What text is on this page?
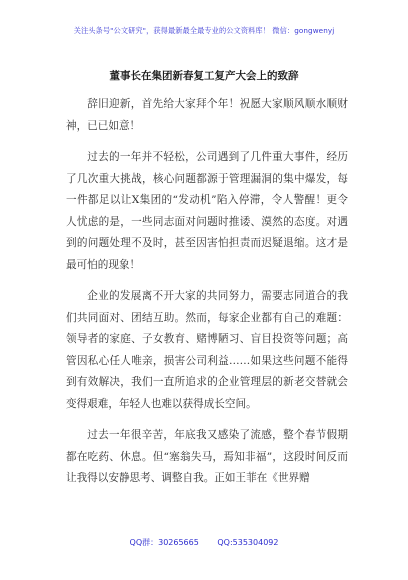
关注头条号"公文研究"，获得最新最全最专业的公文资料库！ 微信：gongwenyj
董事长在集团新春复工复产大会上的致辞

辞旧迎新，首先给大家拜个年！祝愿大家顺风顺水顺财神，已已如意！

过去的一年并不轻松，公司遇到了几件重大事件，经历了几次重大挑战，核心问题都源于管理漏洞的集中爆发，每一件都足以让X集团的“发动机”陷入停滞，令人警醒！更令人忧虑的是，一些同志面对问题时推诿、漠然的态度。对遇到的问题处理不及时，甚至因害怕担责而迟疑退缩。这才是最可怕的现象！

企业的发展离不开大家的共同努力，需要志同道合的我们共同面对、团结互助。然而，每家企业都有自己的难题：领导者的家庭、子女教育、赌博陋习、盲目投资等问题；高管因私心任人唯亲，损害公司利益……如果这些问题不能得到有效解决，我们一直所追求的企业管理层的新老交替就会变得艰难，年轻人也难以获得成长空间。

过去一年很辛苦，年底我又感染了流感，整个春节假期都在吃药、休息。但“塞翁失马，焉知非福”，这段时间反而让我得以安静思考、调整自我。正如王菲在《世界赠

QQ群：30265665 QQ:535304092
